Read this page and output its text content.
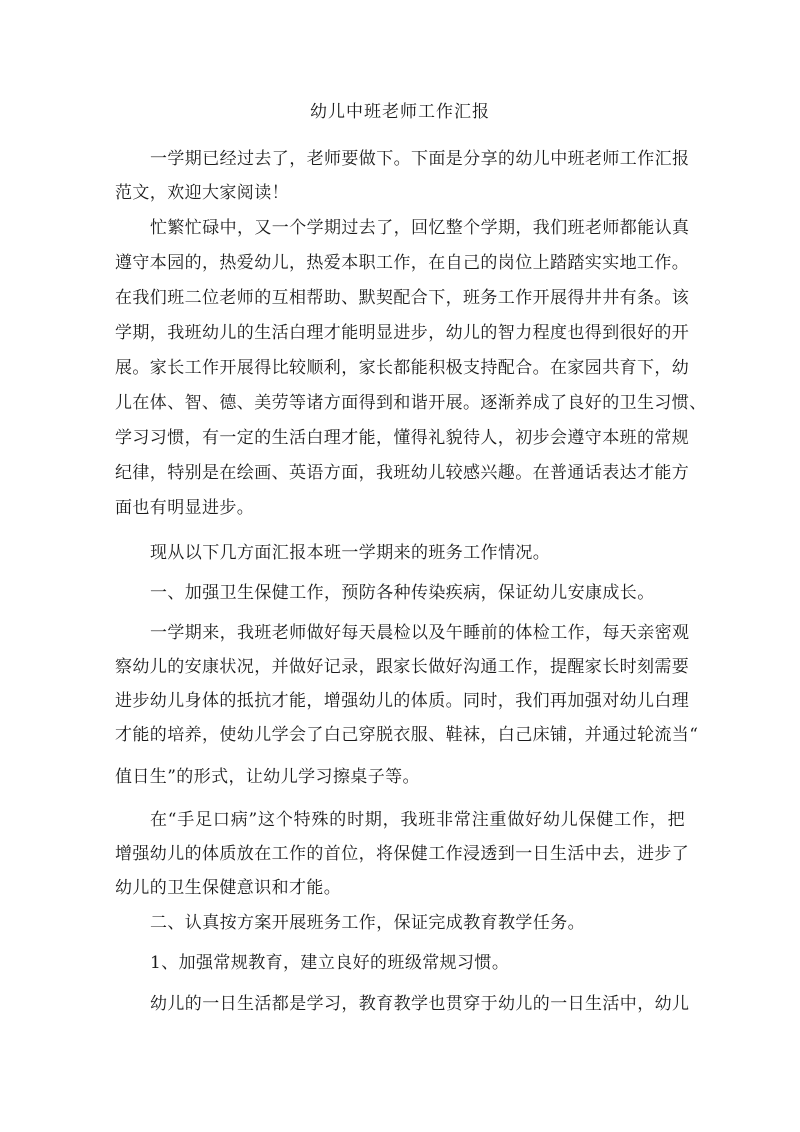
幼儿中班老师工作汇报
一学期已经过去了，老师要做下。下面是分享的幼儿中班老师工作汇报
范文，欢迎大家阅读！
忙繁忙碌中，又一个学期过去了，回忆整个学期，我们班老师都能认真
遵守本园的，热爱幼儿，热爱本职工作，在自己的岗位上踏踏实实地工作。
在我们班二位老师的互相帮助、默契配合下，班务工作开展得井井有条。该
学期，我班幼儿的生活白理才能明显进步，幼儿的智力程度也得到很好的开
展。家长工作开展得比较顺利，家长都能积极支持配合。在家园共育下，幼
儿在体、智、德、美劳等诸方面得到和谐开展。逐渐养成了良好的卫生习惯、
学习习惯，有一定的生活白理才能，懂得礼貌待人，初步会遵守本班的常规
纪律，特别是在绘画、英语方面，我班幼儿较感兴趣。在普通话表达才能方
面也有明显进步。
现从以下几方面汇报本班一学期来的班务工作情况。
一、加强卫生保健工作，预防各种传染疾病，保证幼儿安康成长。
一学期来，我班老师做好每天晨检以及午睡前的体检工作，每天亲密观
察幼儿的安康状况，并做好记录，跟家长做好沟通工作，提醒家长时刻需要
进步幼儿身体的抵抗才能，增强幼儿的体质。同时，我们再加强对幼儿白理
才能的培养，使幼儿学会了白己穿脱衣服、鞋袜，白己床铺，并通过轮流当“
值日生”的形式，让幼儿学习擦桌子等。
在“手足口病”这个特殊的时期，我班非常注重做好幼儿保健工作，把
增强幼儿的体质放在工作的首位，将保健工作浸透到一日生活中去，进步了
幼儿的卫生保健意识和才能。
二、认真按方案开展班务工作，保证完成教育教学任务。
1、加强常规教育，建立良好的班级常规习惯。
幼儿的一日生活都是学习，教育教学也贯穿于幼儿的一日生活中，幼儿
